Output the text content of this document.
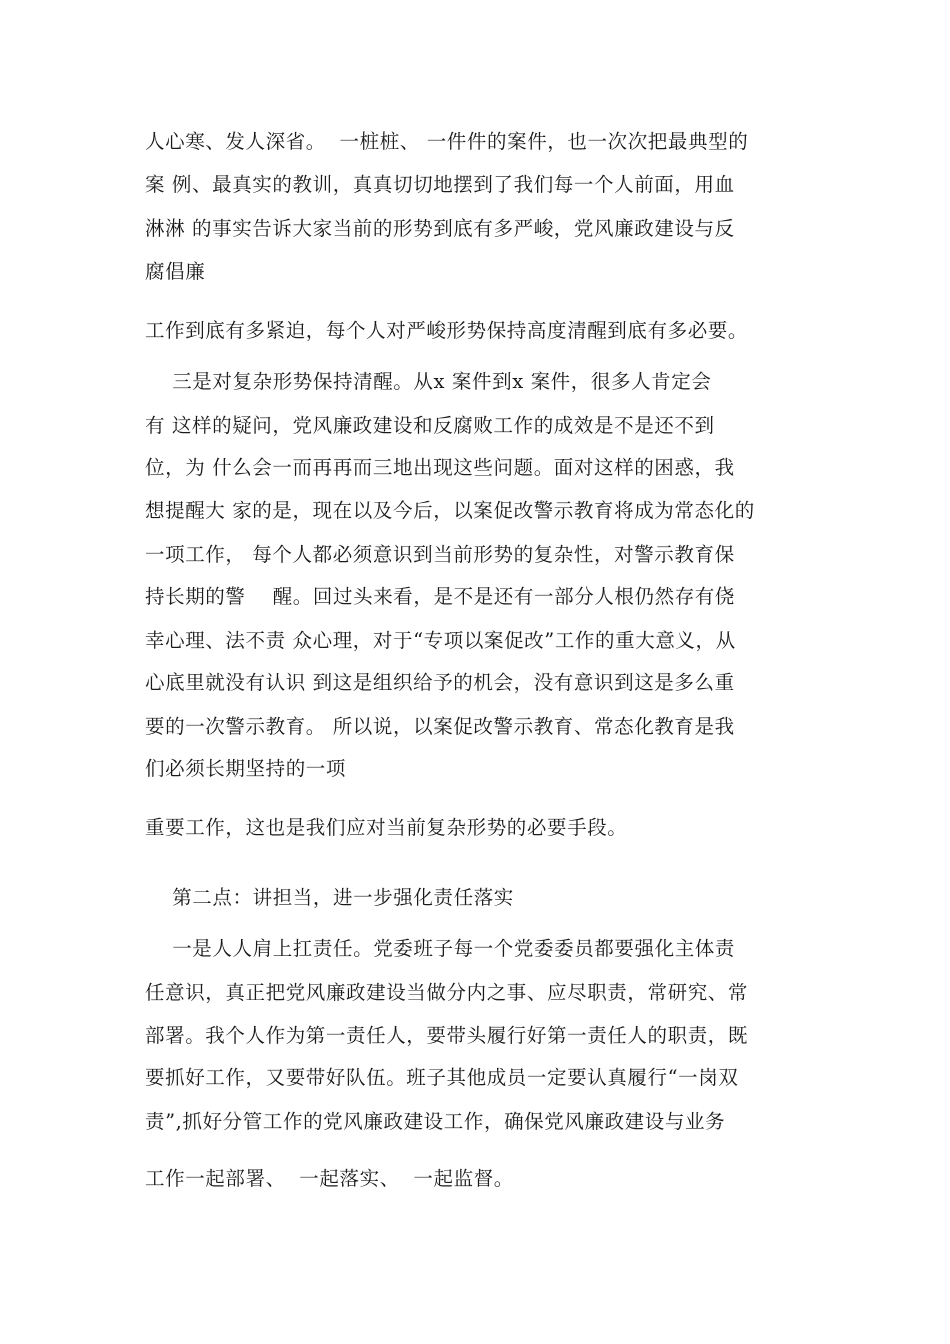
人心寒、发人深省。  一桩桩、 一件件的案件，也一次次把最典型的
案 例、最真实的教训，真真切切地摆到了我们每一个人前面，用血
淋淋 的事实告诉大家当前的形势到底有多严峻，党风廉政建设与反
腐倡廉
工作到底有多紧迫，每个人对严峻形势保持高度清醒到底有多必要。
三是对复杂形势保持清醒。从x 案件到x 案件，很多人肯定会
有 这样的疑问，党风廉政建设和反腐败工作的成效是不是还不到
位，为 什么会一而再再而三地出现这些问题。面对这样的困惑，我
想提醒大 家的是，现在以及今后，以案促改警示教育将成为常态化的
一项工作， 每个人都必须意识到当前形势的复杂性，对警示教育保
持长期的警    醒。回过头来看，是不是还有一部分人根仍然存有侥
幸心理、法不责 众心理，对于“专项以案促改”工作的重大意义，从
心底里就没有认识 到这是组织给予的机会，没有意识到这是多么重
要的一次警示教育。 所以说，以案促改警示教育、常态化教育是我
们必须长期坚持的一项
重要工作，这也是我们应对当前复杂形势的必要手段。
第二点：讲担当，进一步强化责任落实
一是人人肩上扛责任。党委班子每一个党委委员都要强化主体责
任意识，真正把党风廉政建设当做分内之事、应尽职责，常研究、常
部署。我个人作为第一责任人，要带头履行好第一责任人的职责，既
要抓好工作，又要带好队伍。班子其他成员一定要认真履行“一岗双
责”,抓好分管工作的党风廉政建设工作，确保党风廉政建设与业务
工作一起部署、  一起落实、  一起监督。
